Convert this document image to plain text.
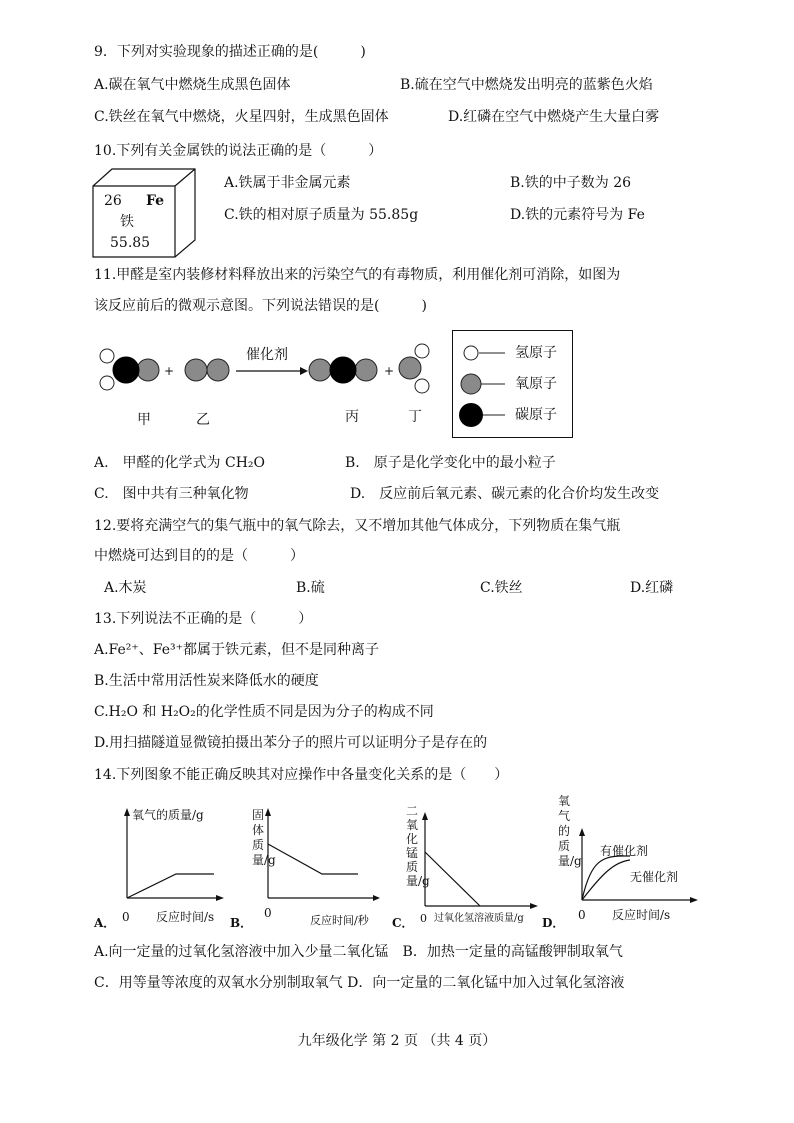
9．下列对实验现象的描述正确的是(　　　)
A.碳在氧气中燃烧生成黑色固体	B.硫在空气中燃烧发出明亮的蓝紫色火焰
C.铁丝在氧气中燃烧，火星四射，生成黑色固体	D.红磷在空气中燃烧产生大量白雾
10.下列有关金属铁的说法正确的是（　　　）
26 Fe
铁
55.85
A.铁属于非金属元素	B.铁的中子数为 26
C.铁的相对原子质量为 55.85g	D.铁的元素符号为 Fe
11.甲醛是室内装修材料释放出来的污染空气的有毒物质，利用催化剂可消除，如图为
该反应前后的微观示意图。下列说法错误的是(　　　)
+
催化剂
+
甲	乙	丙	丁
氢原子
氧原子
碳原子
A.　甲醛的化学式为 CH₂O	B.　原子是化学变化中的最小粒子
C.　图中共有三种氧化物	D.　反应前后氧元素、碳元素的化合价均发生改变
12.要将充满空气的集气瓶中的氧气除去，又不增加其他气体成分，下列物质在集气瓶
中燃烧可达到目的的是（　　　）
A.木炭	B.硫	C.铁丝	D.红磷
13.下列说法不正确的是（　　　）
A.Fe²⁺、Fe³⁺都属于铁元素，但不是同种离子
B.生活中常用活性炭来降低水的硬度
C.H₂O 和 H₂O₂的化学性质不同是因为分子的构成不同
D.用扫描隧道显微镜拍摄出苯分子的照片可以证明分子是存在的
14.下列图象不能正确反映其对应操作中各量变化关系的是（　　）
氧气的质量/g
0 反应时间/s
A．
固体质量/g
0
反应时间/秒
B．
二氧化锰质量/g
0 过氧化氢溶液质量/g
C．
氧气的质量/g
有催化剂
无催化剂
0 反应时间/s
D．
A.向一定量的过氧化氢溶液中加入少量二氧化锰　B．加热一定量的高锰酸钾制取氧气
C．用等量等浓度的双氧水分别制取氧气 D．向一定量的二氧化锰中加入过氧化氢溶液
九年级化学 第 2 页 （共 4 页）
